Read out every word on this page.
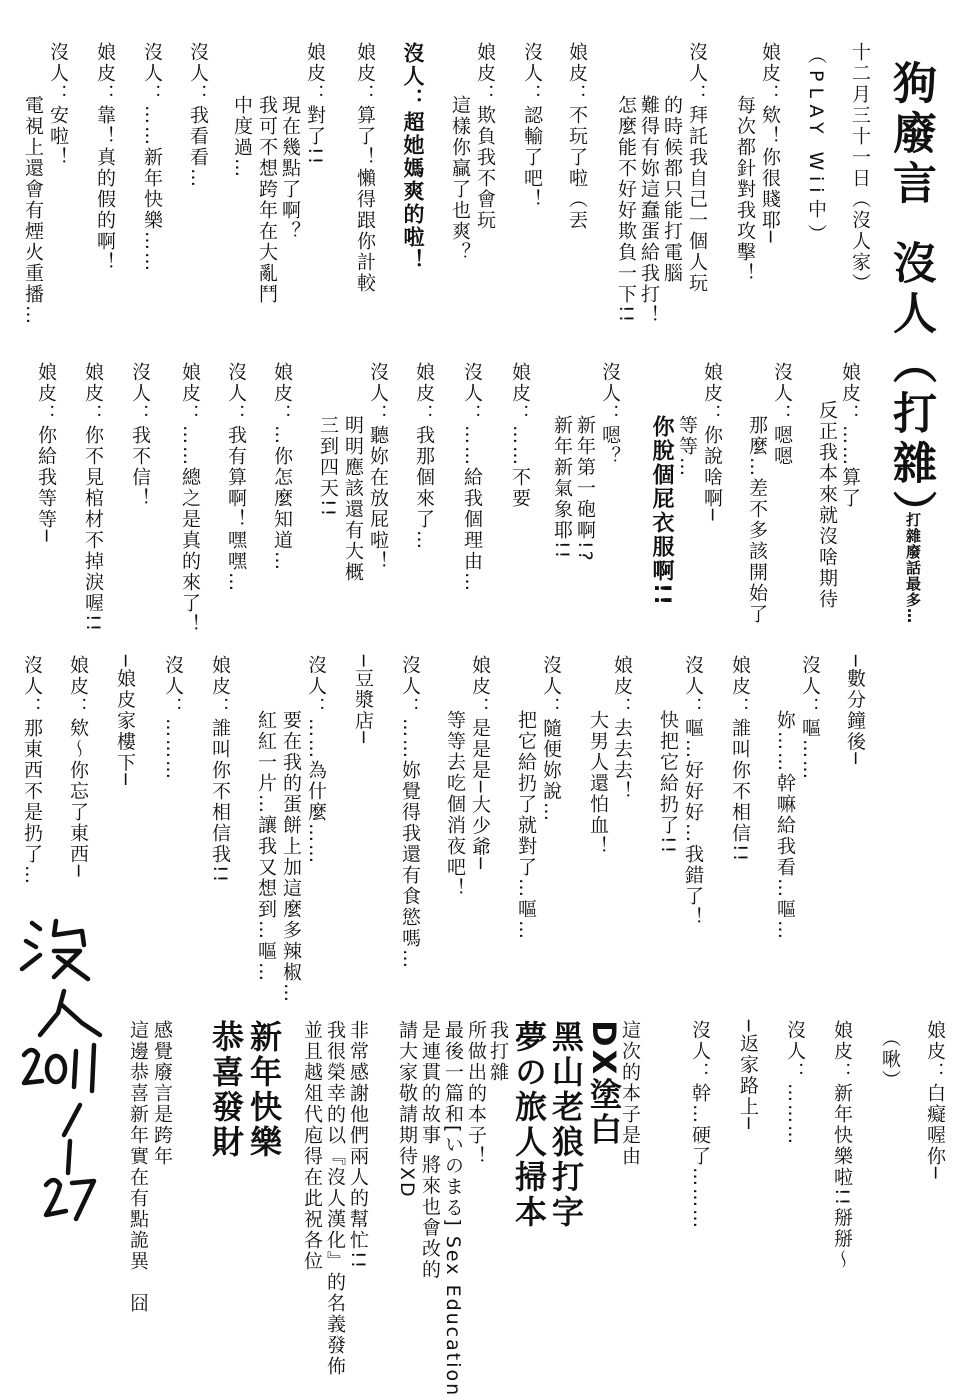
狗廢言

沒人（打雜）

打雜廢話最多…

十二月三十一日（沒人家）

（PLAY Wii中）

娘皮：欸！你很賤耶─

每次都針對我攻擊！

沒人：拜託我自己一個人玩

的時候都只能打電腦

難得有妳這蠢蛋給我打！

怎麼能不好好欺負一下!!

娘皮：不玩了啦（丟

沒人：認輸了吧！

娘皮：欺負我不會玩

這樣你贏了也爽？

沒人：超她媽爽的啦！

娘皮：算了！懶得跟你計較

娘皮：對了!!

現在幾點了啊？

我可不想跨年在大亂鬥

中度過…

沒人：我看看…

沒人：……新年快樂……

娘皮：靠！真的假的啊！

沒人：安啦！

電視上還會有煙火重播…

娘皮：……算了

反正我本來就沒啥期待

沒人：嗯嗯

那麼…差不多該開始了

娘皮：你說啥啊─

等等…

你脫個屁衣服啊!!

沒人：嗯？

新年第一砲啊!?

新年新氣象耶!!

娘皮：……不要

沒人：……給我個理由…

娘皮：我那個來了…

沒人：聽妳在放屁啦！

明明應該還有大概

三到四天!!

娘皮：…你怎麼知道…

沒人：我有算啊！嘿嘿…

娘皮：……總之是真的來了！

沒人：我不信！

娘皮：你不見棺材不掉淚喔!!

娘皮：你給我等等─

─數分鐘後─

沒人：嘔……

妳……幹嘛給我看…嘔…

娘皮：誰叫你不相信!!

沒人：嘔…好好好…我錯了！

快把它給扔了!!

娘皮：去去去！

大男人還怕血！

沒人：隨便妳說…

把它給扔了就對了…嘔…

娘皮：是是是─大少爺─

等等去吃個消夜吧！

沒人：……妳覺得我還有食慾嗎…

─豆漿店─

沒人：……為什麼……

要在我的蛋餅上加這麼多辣椒…

紅紅一片…讓我又想到…嘔…

娘皮：誰叫你不相信我!!

沒人：………

─娘皮家樓下─

娘皮：欸～你忘了東西─

沒人：那東西不是扔了…

娘皮：白癡喔你─

（啾）

娘皮：新年快樂啦!!掰掰～

沒人：………

─返家路上─

沒人：幹…硬了………

這次的本子是由

DX塗白

黑山老狼打字

夢の旅人掃本

我打雜

所做出的本子！

最後一篇和[いのまる] Sex Education

是連貫的故事 將來也會改的

請大家敬請期待XD

非常感謝他們兩人的幫忙!!

我很榮幸的以『沒人漢化』的名義發佈

並且越俎代庖得在此祝各位

新年快樂

恭喜發財

感覺廢言是跨年

這邊恭喜新年實在有點詭異　囧
